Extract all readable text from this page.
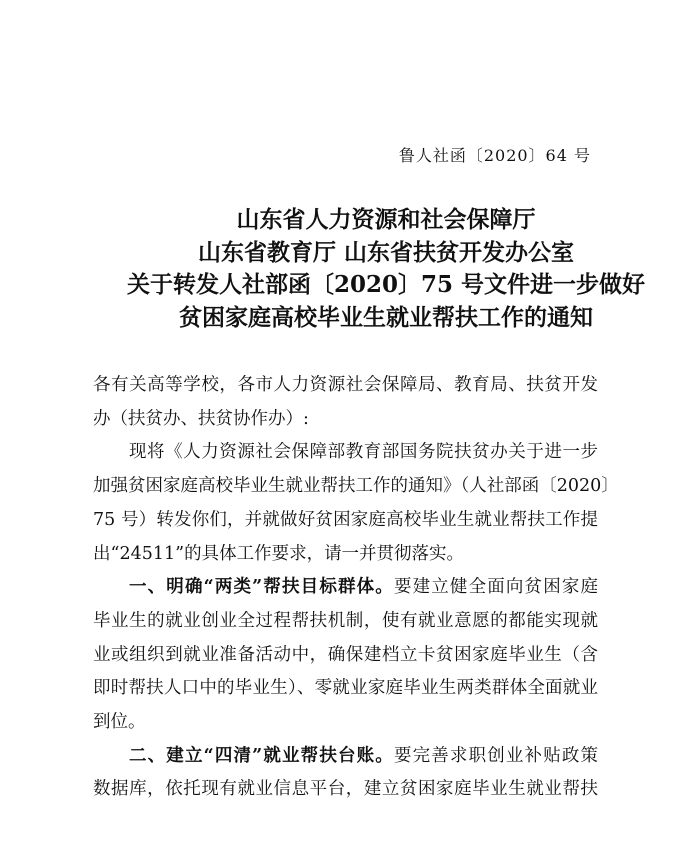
鲁人社函〔2020〕64 号
山东省人力资源和社会保障厅
山东省教育厅 山东省扶贫开发办公室
关于转发人社部函〔2020〕75 号文件进一步做好
贫困家庭高校毕业生就业帮扶工作的通知
各有关高等学校，各市人力资源社会保障局、教育局、扶贫开发
办（扶贫办、扶贫协作办）:
现将《人力资源社会保障部教育部国务院扶贫办关于进一步
加强贫困家庭高校毕业生就业帮扶工作的通知》（人社部函〔2020〕
75 号）转发你们，并就做好贫困家庭高校毕业生就业帮扶工作提
出“24511”的具体工作要求，请一并贯彻落实。
一、明确“两类”帮扶目标群体。要建立健全面向贫困家庭
毕业生的就业创业全过程帮扶机制，使有就业意愿的都能实现就
业或组织到就业准备活动中，确保建档立卡贫困家庭毕业生（含
即时帮扶人口中的毕业生）、零就业家庭毕业生两类群体全面就业
到位。
二、建立“四清”就业帮扶台账。要完善求职创业补贴政策
数据库，依托现有就业信息平台，建立贫困家庭毕业生就业帮扶
